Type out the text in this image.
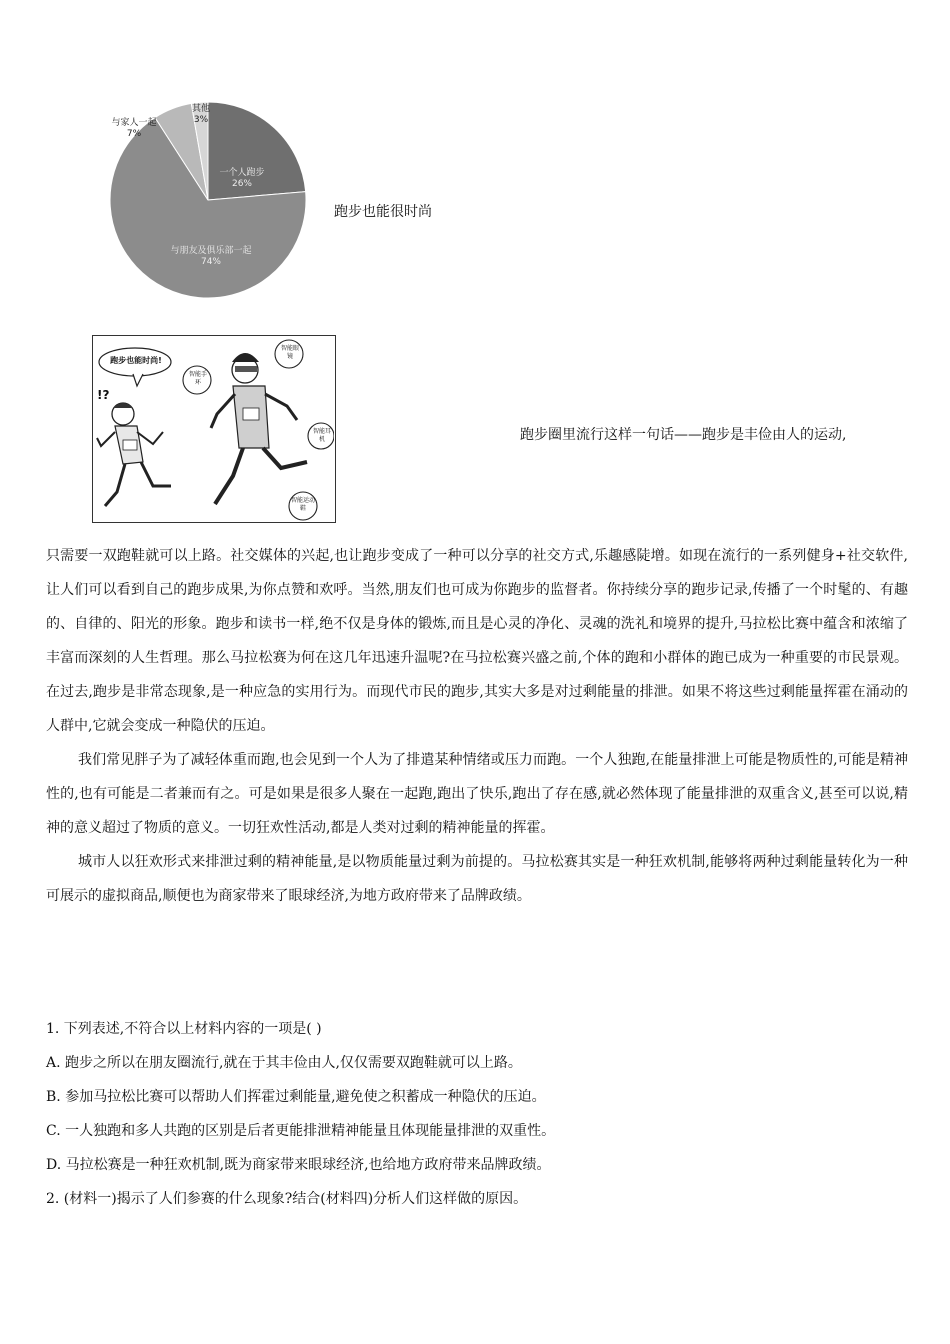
一个人跑步
26%
与朋友及俱乐部一起
74%
与家人一起
7%
其他
3%
跑步也能很时尚
跑步也能时尚!
!?
智能眼镜
智能手环
智能耳机
智能运动鞋
跑步圈里流行这样一句话——跑步是丰俭由人的运动,

只需要一双跑鞋就可以上路。社交媒体的兴起,也让跑步变成了一种可以分享的社交方式,乐趣感陡增。如现在流行的一系列健身+社交软件,让人们可以看到自己的跑步成果,为你点赞和欢呼。当然,朋友们也可成为你跑步的监督者。你持续分享的跑步记录,传播了一个时髦的、有趣的、自律的、阳光的形象。跑步和读书一样,绝不仅是身体的锻炼,而且是心灵的净化、灵魂的洗礼和境界的提升,马拉松比赛中蕴含和浓缩了丰富而深刻的人生哲理。那么马拉松赛为何在这几年迅速升温呢?在马拉松赛兴盛之前,个体的跑和小群体的跑已成为一种重要的市民景观。在过去,跑步是非常态现象,是一种应急的实用行为。而现代市民的跑步,其实大多是对过剩能量的排泄。如果不将这些过剩能量挥霍在涌动的人群中,它就会变成一种隐伏的压迫。

我们常见胖子为了减轻体重而跑,也会见到一个人为了排遣某种情绪或压力而跑。一个人独跑,在能量排泄上可能是物质性的,可能是精神性的,也有可能是二者兼而有之。可是如果是很多人聚在一起跑,跑出了快乐,跑出了存在感,就必然体现了能量排泄的双重含义,甚至可以说,精神的意义超过了物质的意义。一切狂欢性活动,都是人类对过剩的精神能量的挥霍。

城市人以狂欢形式来排泄过剩的精神能量,是以物质能量过剩为前提的。马拉松赛其实是一种狂欢机制,能够将两种过剩能量转化为一种可展示的虚拟商品,顺便也为商家带来了眼球经济,为地方政府带来了品牌政绩。

1. 下列表述,不符合以上材料内容的一项是( )

A. 跑步之所以在朋友圈流行,就在于其丰俭由人,仅仅需要双跑鞋就可以上路。

B. 参加马拉松比赛可以帮助人们挥霍过剩能量,避免使之积蓄成一种隐伏的压迫。

C. 一人独跑和多人共跑的区别是后者更能排泄精神能量且体现能量排泄的双重性。

D. 马拉松赛是一种狂欢机制,既为商家带来眼球经济,也给地方政府带来品牌政绩。

2. (材料一)揭示了人们参赛的什么现象?结合(材料四)分析人们这样做的原因。
